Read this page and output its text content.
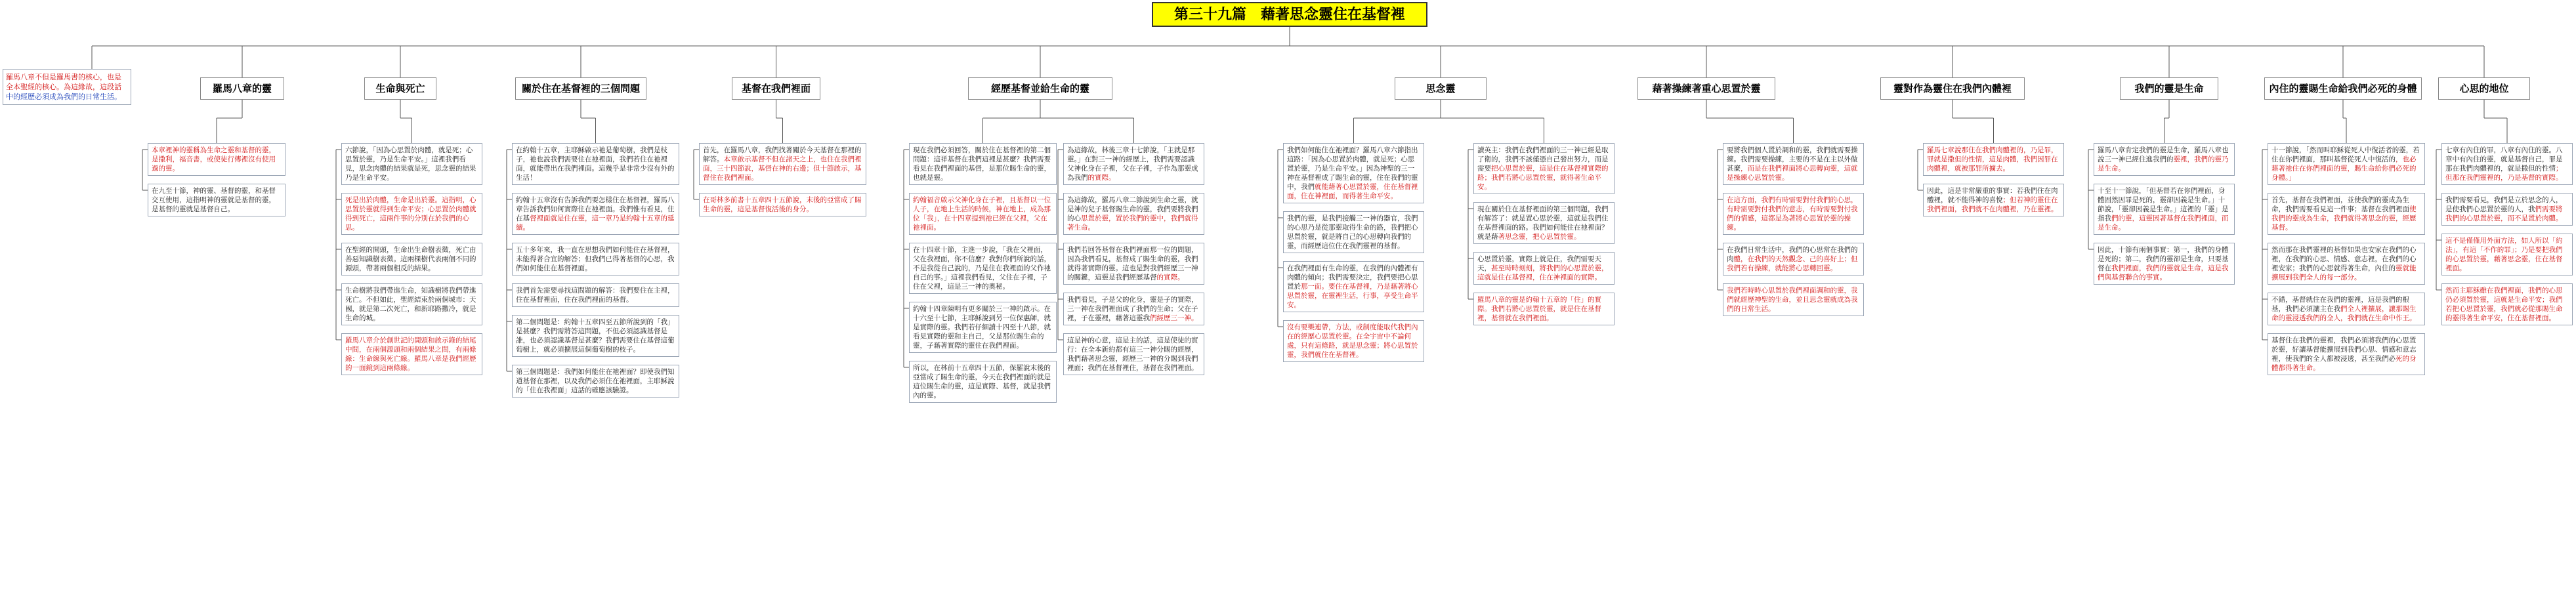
第三十九篇　藉著思念靈住在基督裡
羅馬八章不但是羅馬書的核心，也是全本聖經的核心。為這緣故，這段話中的經歷必須成為我們的日常生活。
羅馬八章的靈	生命與死亡	關於住在基督裡的三個問題	基督在我們裡面	經歷基督並給生命的靈	思念靈	藉著操練著重心思置於靈	靈對作為靈住在我們內體裡	我們的靈是生命	內住的靈賜生命給我們必死的身體	心思的地位
本章裡神的靈稱為生命之靈和基督的靈，是撒利，福音書，或使徒行傳裡沒有使用過的靈。
在九至十節，神的靈、基督的靈，和基督交互使用，這指明神的靈就是基督的靈，是基督的靈就是基督自己。
六節說，「因為心思置於肉體，就是死；心思置於靈，乃是生命平安。」這裡我們看見，思念肉體的結果就是死，思念靈的結果乃是生命平安。
死是出於肉體，生命是出於靈。這指明，心思置於靈就得到生命平安；心思置於肉體就得到死亡，這兩件事的分別在於我們的心思。
在聖經的開頭，生命出生命樹表徵，死亡由善惡知識樹表徵。這兩棵樹代表兩個不同的源頭，帶著兩個相反的結果。
生命樹將我們帶進生命，知識樹將我們帶進死亡。不但如此，聖經結束於兩個城市：天國，就是第二次死亡，和新耶路撒冷，就是生命的城。
羅馬八章介於創世記的開頭和啟示錄的結尾中間，在兩個源頭和兩個結果之間，有兩條線：生命線與死亡線。羅馬八章是我們經歷的一面鏡到這兩條線。
在約翰十五章，主耶穌啟示祂是葡萄樹，我們是枝子，祂也說我們需要住在祂裡面，我們若住在祂裡面，就能帶出在我們裡面。這幾乎是非常少沒有外的生活！
約翰十五章沒有告訴我們要怎樣住在基督裡，羅馬八章告訴我們如何實際住在祂裡面。我們惟有看見，住在基督裡面就是住在靈，這一章乃是約翰十五章的延續。
五十多年來，我一直在思想我們如何能住在基督裡，未能得著合宜的解答；但我們已得著基督的心思，我們如何能住在基督裡面。
我們首先需要尋找這問題的解答：我們要住在主裡，住在基督裡面，住在我們裡面的基督。
第二個問題是：約翰十五章四至五節所說到的「我」是甚麼？我們需將答這問題，不但必須認識基督是誰，也必須認識基督是甚麼？我們需要住在基督這葡萄樹上，就必須擴展這個葡萄樹的枝子。
第三個問題是：我們如何能住在祂裡面？即使我們知道基督在那裡，以及我們必須住在祂裡面，主耶穌說的「住在我裡面」這話的確應該驗證。
首先，在羅馬八章，我們找著關於今天基督在那裡的解答。本章啟示基督不但在諸天之上，也住在我們裡面，三十四節說，基督在神的右邊；但十節啟示，基督住在我們裡面。
在哥林多前書十五章四十五節說，末後的亞當成了賜生命的靈，這是基督復活後的身分。
現在我們必須回答，關於住在基督裡的第二個問題：這祥基督在我們這裡是甚麼？我們需要看見在我們裡面的基督，是那位賜生命的靈，也就是靈。
約翰福音啟示父神化身在子裡，且基督以一位人子，在地上生活的時候，神在地上，成為那位「我」，在十四章提到祂已經在父裡，父在祂裡面。
在十四章十節，主進一步說，「我在父裡面，父在我裡面，你不信麼？我對你們所說的話，不是我從自己說的，乃是住在我裡面的父作祂自己的事。」這裡我們看見，父住在子裡，子住在父裡，這是三一神的奧秘。
約翰十四章陳明有更多關於三一神的啟示。在十六至十七節，主耶穌說到另一位保惠師，就是實際的靈。我們若仔細讀十四至十八節，就看見實際的靈和主自己，父是那位賜生命的靈，子藉著實際的靈住在我們裡面。
所以，在林前十五章四十五節，保羅說末後的亞當成了賜生命的靈，今天在我們裡面的就是這位賜生命的靈，這是實際、基督，就是我們內的靈。
為這緣故，林後三章十七節說，「主就是那靈。」在對三一神的經歷上，我們需要認識父神化身在子裡，父在子裡，子作為那靈成為我們的實際。
為這緣故，羅馬八章二節說到生命之靈，就是神的兒子基督賜生命的靈，我們要將我們的心思置於靈，置於我們的靈中，我們就得著生命。
我們若回答基督在我們裡面那一位的問題，因為我們看見，基督成了賜生命的靈，我們就得著實際的靈。這也是對我們經歷三一神的關鍵，這靈是我們經歷基督的實際。
我們看見，子是父的化身，靈是子的實際，三一神在我們裡面成了我們的生命；父在子裡，子在靈裡，藉著這靈我們經歷三一神。
這是神的心意，這是主的話，這是使徒的實行：在全本新約都有這三一神分賜的經歷，我們藉著思念靈，經歷三一神的分賜到我們裡面；我們在基督裡住，基督在我們裡面。
我們如何能住在祂裡面？羅馬八章六節指出這路：「因為心思置於肉體，就是死；心思置於靈，乃是生命平安。」因為神聖的三一神在基督裡成了賜生命的靈，住在我們的靈中，我們就能藉著心思置於靈，住在基督裡面，住在神裡面，而得著生命平安。
我們的靈，是我們接觸三一神的器官，我們的心思乃是從那靈取得生命的路，我們把心思置於靈，就是將自己的心思轉向我們的靈，而經歷這位住在我們靈裡的基督。
在我們裡面有生命的靈，在我們的內體裡有肉體的傾向；我們需要決定，我們要把心思置於那一面。要住在基督裡，乃是藉著將心思置於靈，在靈裡生活，行事，享受生命平安。
沒有要樂連帶，方法，或制度能取代我們內在的經歷心思置於靈。在全宇宙中不論何處，只有這條路，就是思念靈；將心思置於靈，我們就住在基督裡。
讀英主：我們在我們裡面的三一神已經是取了衛的，我們不該僅憑自己發出努力，而是需要把心思置於靈，這是住在基督裡實際的路；我們若將心思置於靈，就得著生命平安。
現在關於住在基督裡面的第三個問題，我們有解答了：就是置心思於靈，這就是我們住在基督裡面的路。我們如何能住在祂裡面？就是藉著思念靈，把心思置於靈。
心思置於靈，實際上就是住，我們需要天天，甚至時時刻刻，將我們的心思置於靈，這就是住在基督裡，住在神裡面的實際。
羅馬八章的靈是約翰十五章的「住」的實際。我們若將心思置於靈，就是住在基督裡，基督就在我們裡面。
要將我們個人置於調和的靈，我們就需要操練。我們需要操練，主要的不是在主以外做甚麼，而是在我們裡面將心思轉向靈，這就是操練心思置於靈。
在這方面，我們有時需要對付我們的心思，有時需要對付我們的意志，有時需要對付我們的情感，這都是為著將心思置於靈的操練。
在我們日常生活中，我們的心思常在我們的肉體，在我們的天然觀念、己的喜好上；但我們若有操練，就能將心思轉回靈。
我們若時時心思置於我們裡面調和的靈，我們就經歷神聖的生命，並且思念靈就成為我們的日常生活。
羅馬七章說那住在我們肉體裡的，乃是罪，罪就是撒但的性情，這是肉體，我們因罪在肉體裡，就被那罪所擄去。
因此，這是非常嚴重的事實：若我們住在肉體裡，就不能得神的喜悅；但若神的靈住在我們裡面，我們就不在肉體裡，乃在靈裡。
羅馬八章肯定我們的靈是生命，羅馬八章也說三一神已經住進我們的靈裡，我們的靈乃是生命。
十至十一節說，「但基督若在你們裡面，身體固然因罪是死的，靈卻因義是生命。」十節說，「靈卻因義是生命。」這裡的「靈」是指我們的靈，這靈因著基督在我們裡面，而是生命。
因此，十節有兩個事實：第一，我們的身體是死的；第二，我們的靈卻是生命，只要基督在我們裡面，我們的靈就是生命，這是我們與基督聯合的事實。
十一節說，「然而叫耶穌從死人中復活者的靈，若住在你們裡面，那叫基督從死人中復活的，也必藉著祂住在你們裡面的靈，賜生命給你們必死的身體。」
首先，基督在我們裡面，並使我們的靈成為生命，我們需要看見這一件事；基督在我們裡面使我們的靈成為生命，我們就得著思念的靈，經歷基督。
然而那在我們靈裡的基督如果也安家在我們的心裡，在我們的心思、情感、意志裡，在我們的心裡安家；我們的心思就得著生命，內住的靈就能擴展到我們全人的每一部分。
不錯，基督就住在我們的靈裡，這是我們的根基，我們必須讓主在我們全人裡擴展，讓那賜生命的靈浸透我們的全人，我們就在生命中作王。
基督住在我們的靈裡，我們必須將我們的心思置於靈，好讓基督能擴展到我們心思、情感和意志裡，使我們的全人都被浸透，甚至我們必死的身體都得著生命。
七章有內住的罪，八章有內住的靈。八章中有內住的靈，就是基督自己，罪是那在我們肉體裡的，就是撒但的性情；但那在我們靈裡的，乃是基督的實際。
我們需要看見，我們是立於思念的人，是使我們心思置於靈的人，我們需要將我們的心思置於靈，而不是置於肉體。
這不是僅僅用外面方法，如人所以「約法」，有這「不作的罪」；乃是要把我們的心思置於靈，藉著思念靈，住在基督裡面。
然而主耶穌雖在我們裡面，我們的心思仍必須置於靈，這就是生命平安；我們若把心思置於靈，我們就必從那賜生命的靈得著生命平安，住在基督裡面。
